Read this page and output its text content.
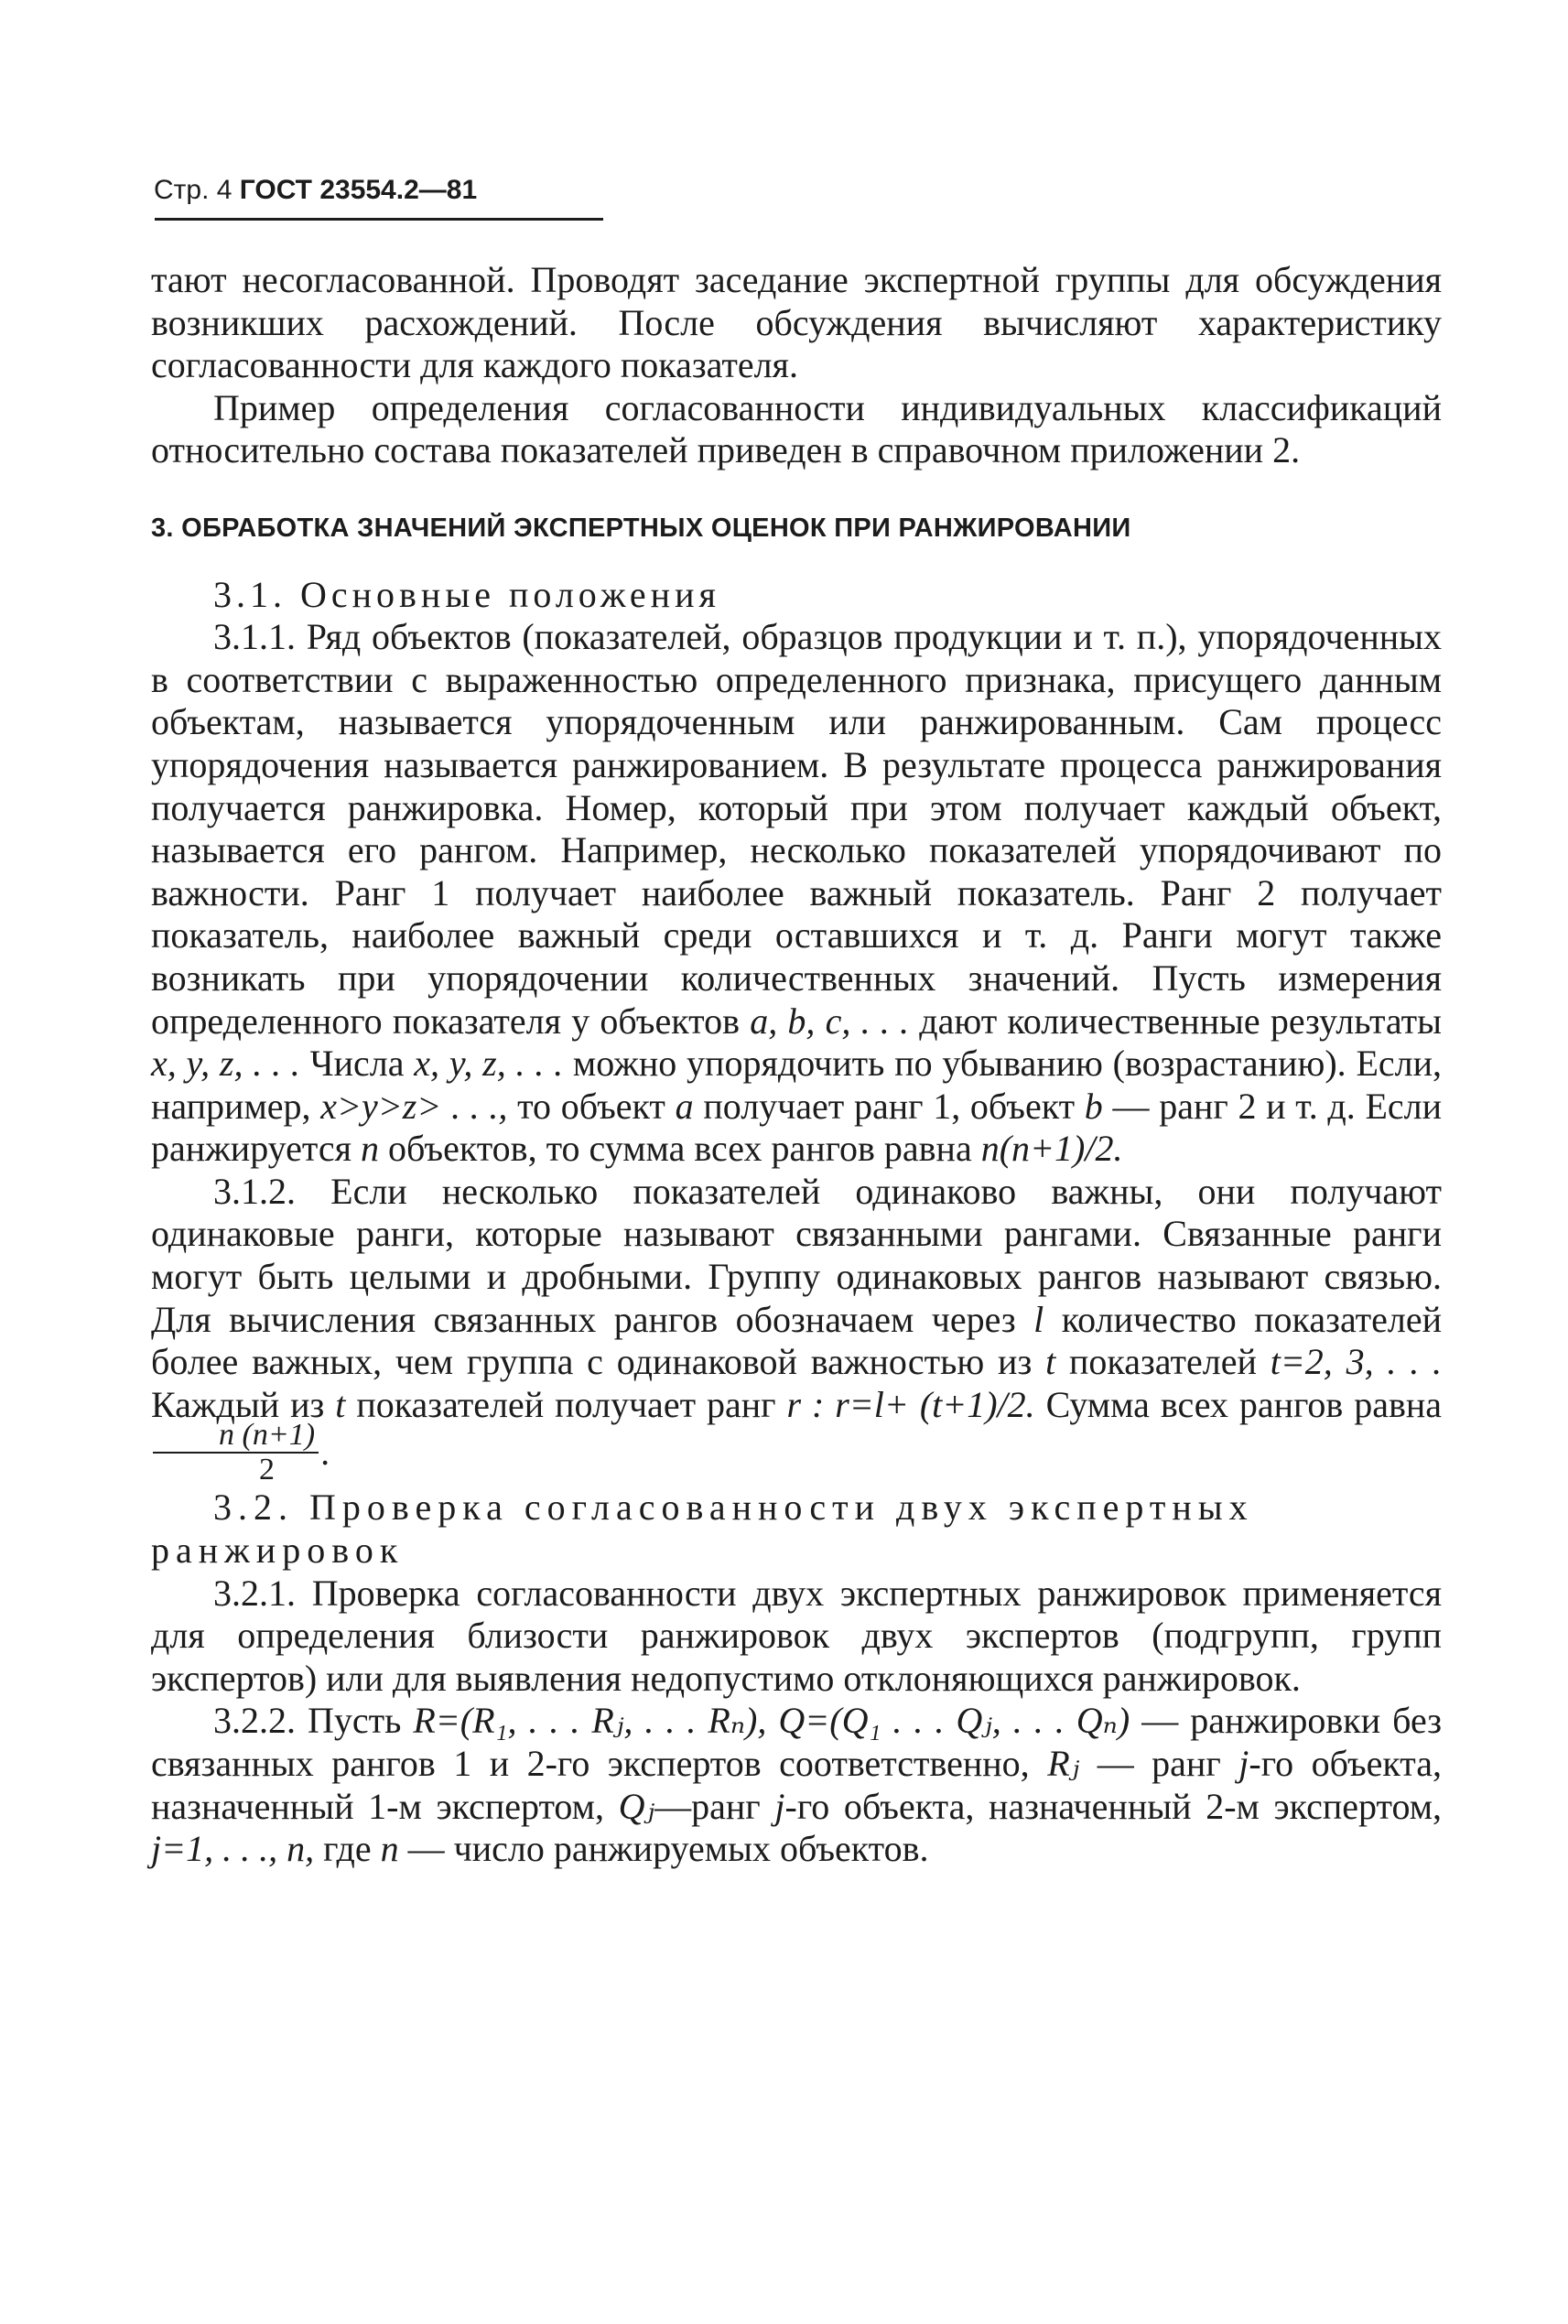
Стр. 4 ГОСТ 23554.2—81

тают несогласованной. Проводят заседание экспертной группы для обсуждения возникших расхождений. После обсуждения вычисляют характеристику согласованности для каждого показателя.

Пример определения согласованности индивидуальных классификаций относительно состава показателей приведен в справочном приложении 2.

3. ОБРАБОТКА ЗНАЧЕНИЙ ЭКСПЕРТНЫХ ОЦЕНОК ПРИ РАНЖИРОВАНИИ

3.1. Основные положения

3.1.1. Ряд объектов (показателей, образцов продукции и т. п.), упорядоченных в соответствии с выраженностью определенного признака, присущего данным объектам, называется упорядоченным или ранжированным. Сам процесс упорядочения называется ранжированием. В результате процесса ранжирования получается ранжировка. Номер, который при этом получает каждый объект, называется его рангом. Например, несколько показателей упорядочивают по важности. Ранг 1 получает наиболее важный показатель. Ранг 2 получает показатель, наиболее важный среди оставшихся и т. д. Ранги могут также возникать при упорядочении количественных значений. Пусть измерения определенного показателя у объектов a, b, c, . . . дают количественные результаты x, y, z, . . . Числа x, y, z, . . . можно упорядочить по убыванию (возрастанию). Если, например, x>y>z> . . ., то объект a получает ранг 1, объект b — ранг 2 и т. д. Если ранжируется n объектов, то сумма всех рангов равна n(n+1)/2.

3.1.2. Если несколько показателей одинаково важны, они получают одинаковые ранги, которые называют связанными рангами. Связанные ранги могут быть целыми и дробными. Группу одинаковых рангов называют связью. Для вычисления связанных рангов обозначаем через l количество показателей более важных, чем группа с одинаковой важностью из t показателей t=2, 3, . . . Каждый из t показателей получает ранг r : r=l+ (t+1)/2. Сумма всех рангов равна
$\frac{n (n+1)}{2}$ .

3.2. Проверка согласованности двух экспертных ранжировок

3.2.1. Проверка согласованности двух экспертных ранжировок применяется для определения близости ранжировок двух экспертов (подгрупп, групп экспертов) или для выявления недопустимо отклоняющихся ранжировок.

3.2.2. Пусть R=(R₁, . . . Rⱼ, . . . Rₙ), Q=(Q₁ . . . Qⱼ, . . . Qₙ) — ранжировки без связанных рангов 1 и 2-го экспертов соответственно, Rⱼ — ранг j-го объекта, назначенный 1-м экспертом, Qⱼ—ранг j-го объекта, назначенный 2-м экспертом, j=1, . . ., n, где n — число ранжируемых объектов.
